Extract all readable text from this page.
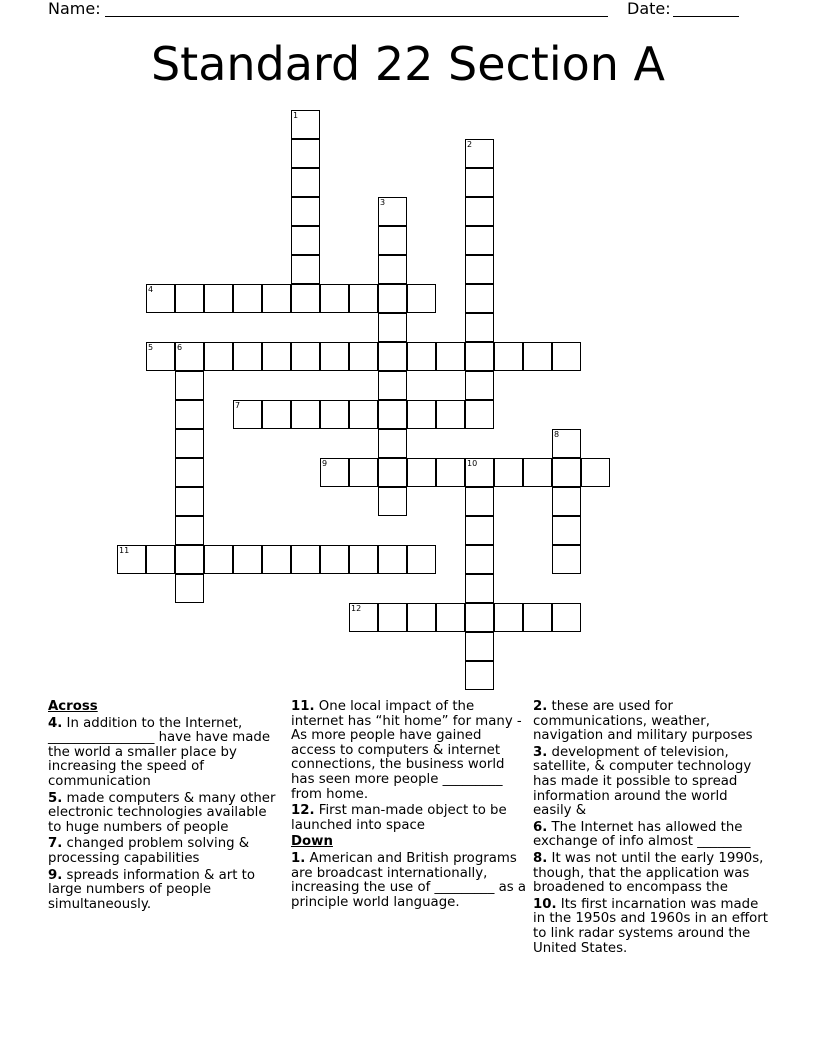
Name:	Date:
Standard 22 Section A
1
2
3
4
5	6
7
8
9	10
11
12
Across
4. In addition to the Internet, ________________ have have made the world a smaller place by increasing the speed of communication
5. made computers & many other electronic technologies available to huge numbers of people
7. changed problem solving & processing capabilities
9. spreads information & art to large numbers of people simultaneously.
11. One local impact of the internet has “hit home” for many - As more people have gained access to computers & internet connections, the business world has seen more people _________ from home.
12. First man-made object to be launched into space
Down
1. American and British programs are broadcast internationally, increasing the use of _________ as a principle world language.
2. these are used for communications, weather, navigation and military purposes
3. development of television, satellite, & computer technology has made it possible to spread information around the world easily &
6. The Internet has allowed the exchange of info almost ________
8. It was not until the early 1990s, though, that the application was broadened to encompass the
10. Its first incarnation was made in the 1950s and 1960s in an effort to link radar systems around the United States.
